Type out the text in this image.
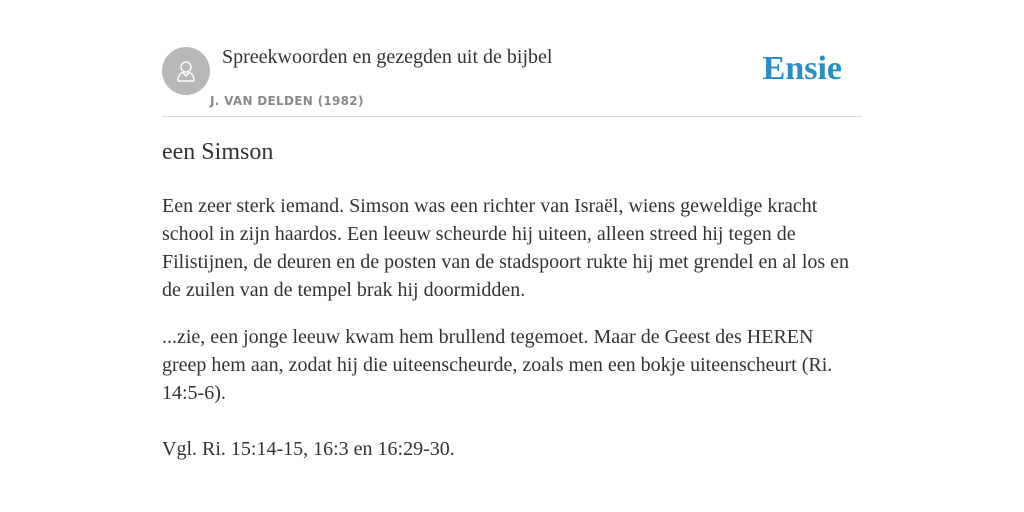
Spreekwoorden en gezegden uit de bijbel
J. VAN DELDEN (1982)
Ensie
een Simson

Een zeer sterk iemand. Simson was een richter van Israël, wiens geweldige kracht school in zijn haardos. Een leeuw scheurde hij uiteen, alleen streed hij tegen de Filistijnen, de deuren en de posten van de stadspoort rukte hij met grendel en al los en de zuilen van de tempel brak hij doormidden.

...zie, een jonge leeuw kwam hem brullend tegemoet. Maar de Geest des HEREN greep hem aan, zodat hij die uiteenscheurde, zoals men een bokje uiteenscheurt (Ri. 14:5-6).

Vgl. Ri. 15:14-15, 16:3 en 16:29-30.
